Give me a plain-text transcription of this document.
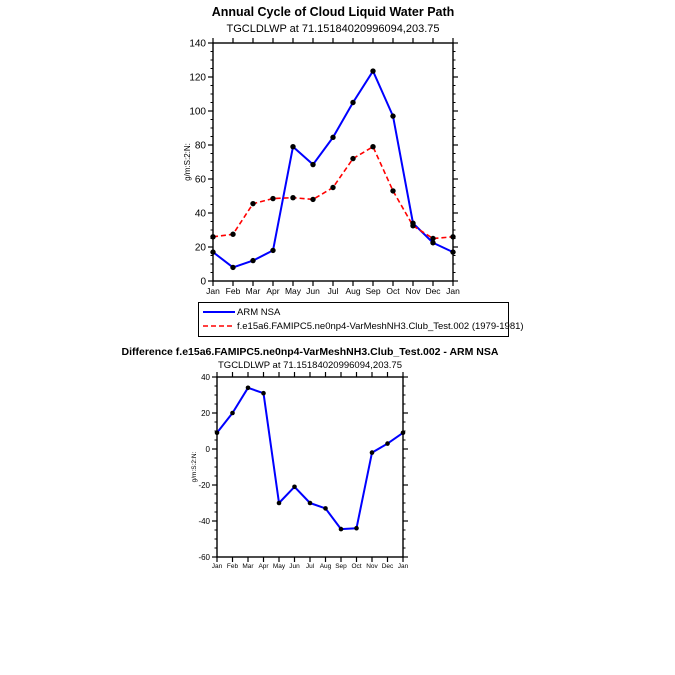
Annual Cycle of Cloud Liquid Water Path
TGCLDLWP at 71.15184020996094,203.75
0
20
40
60
80
100
120
140
Jan Feb Mar Apr May Jun Jul Aug Sep Oct Nov Dec Jan
g/m:S:2:N:
ARM NSA
f.e15a6.FAMIPC5.ne0np4-VarMeshNH3.Club_Test.002 (1979-1981)
Difference f.e15a6.FAMIPC5.ne0np4-VarMeshNH3.Club_Test.002 - ARM NSA
TGCLDLWP at 71.15184020996094,203.75
-60
-40
-20
0
20
40
Jan Feb Mar Apr May Jun Jul Aug Sep Oct Nov Dec Jan
g/m:S:2:N:
